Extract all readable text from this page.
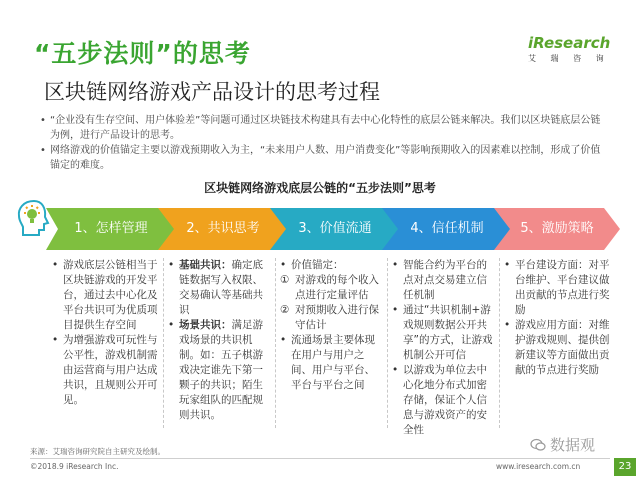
“五步法则”的思考	iResearch
艾 瑞 咨 询
区块链网络游戏产品设计的思考过程
• “企业没有生存空间、用户体验差”等问题可通过区块链技术构建具有去中心化特性的底层公链来解决。我们以区块链底层公链为例，进行产品设计的思考。
• 网络游戏的价值锚定主要以游戏预期收入为主，“未来用户人数、用户消费变化”等影响预期收入的因素难以控制，形成了价值锚定的难度。
区块链网络游戏底层公链的“五步法则”思考
1、怎样管理	2、共识思考	3、价值流通	4、信任机制	5、激励策略
• 游戏底层公链相当于区块链游戏的开发平台，通过去中心化及平台共识可为优质项目提供生存空间
• 为增强游戏可玩性与公平性，游戏机制需由运营商与用户达成共识，且规则公开可见。
• 基础共识：确定底链数据写入权限、交易确认等基础共识
• 场景共识：满足游戏场景的共识机制。如：五子棋游戏决定谁先下第一颗子的共识；陌生玩家组队的匹配规则共识。
• 价值锚定：
① 对游戏的每个收入点进行定量评估
② 对预期收入进行保守估计
• 流通场景主要体现在用户与用户之间、用户与平台、平台与平台之间
• 智能合约为平台的点对点交易建立信任机制
• 通过“共识机制+游戏规则数据公开共享”的方式，让游戏机制公开可信
• 以游戏为单位去中心化地分布式加密存储，保证个人信息与游戏资产的安全性
• 平台建设方面：对平台维护、平台建议做出贡献的节点进行奖励
• 游戏应用方面：对维护游戏规则、提供创新建议等方面做出贡献的节点进行奖励
来源：艾瑞咨询研究院自主研究及绘制。	数据观
©2018.9 iResearch Inc.	www.iresearch.com.cn	23
